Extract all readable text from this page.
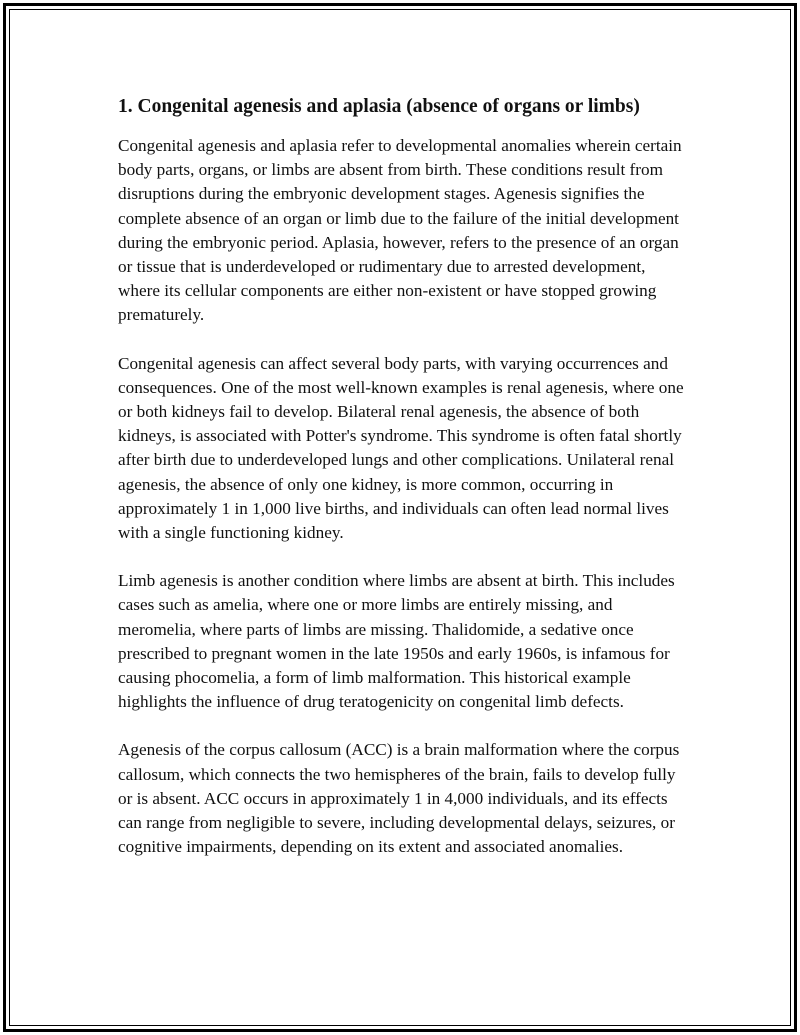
1. Congenital agenesis and aplasia (absence of organs or limbs)

Congenital agenesis and aplasia refer to developmental anomalies wherein certain body parts, organs, or limbs are absent from birth. These conditions result from disruptions during the embryonic development stages. Agenesis signifies the complete absence of an organ or limb due to the failure of the initial development during the embryonic period. Aplasia, however, refers to the presence of an organ or tissue that is underdeveloped or rudimentary due to arrested development, where its cellular components are either non-existent or have stopped growing prematurely.

Congenital agenesis can affect several body parts, with varying occurrences and consequences. One of the most well-known examples is renal agenesis, where one or both kidneys fail to develop. Bilateral renal agenesis, the absence of both kidneys, is associated with Potter's syndrome. This syndrome is often fatal shortly after birth due to underdeveloped lungs and other complications. Unilateral renal agenesis, the absence of only one kidney, is more common, occurring in approximately 1 in 1,000 live births, and individuals can often lead normal lives with a single functioning kidney.

Limb agenesis is another condition where limbs are absent at birth. This includes cases such as amelia, where one or more limbs are entirely missing, and meromelia, where parts of limbs are missing. Thalidomide, a sedative once prescribed to pregnant women in the late 1950s and early 1960s, is infamous for causing phocomelia, a form of limb malformation. This historical example highlights the influence of drug teratogenicity on congenital limb defects.

Agenesis of the corpus callosum (ACC) is a brain malformation where the corpus callosum, which connects the two hemispheres of the brain, fails to develop fully or is absent. ACC occurs in approximately 1 in 4,000 individuals, and its effects can range from negligible to severe, including developmental delays, seizures, or cognitive impairments, depending on its extent and associated anomalies.
